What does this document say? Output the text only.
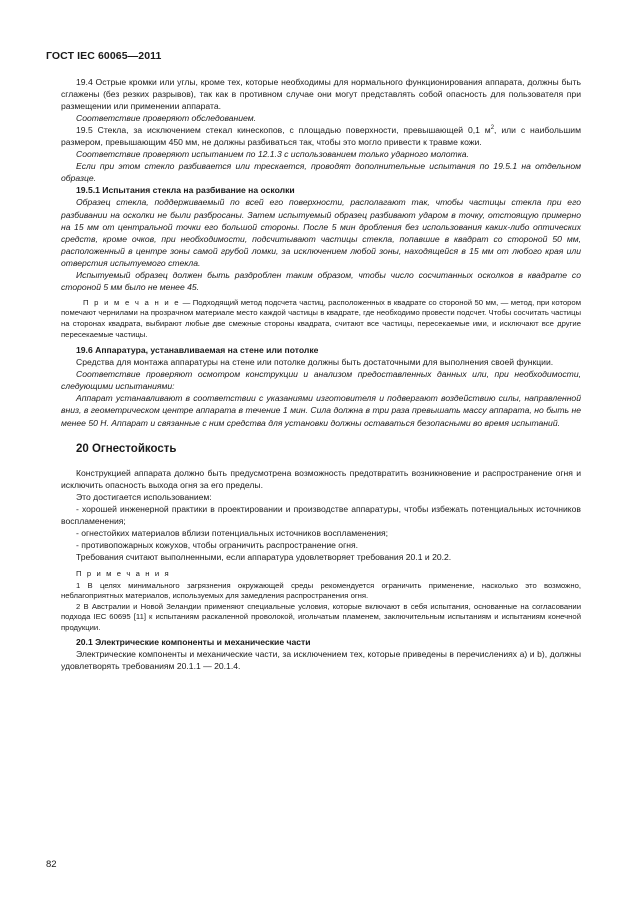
ГОСТ IEC 60065—2011

19.4 Острые кромки или углы, кроме тех, которые необходимы для нормального функционирования аппарата, должны быть сглажены (без резких разрывов), так как в противном случае они могут представлять собой опасность для пользователя при размещении или применении аппарата.

Соответствие проверяют обследованием.

19.5 Стекла, за исключением стекал кинескопов, с площадью поверхности, превышающей 0,1 $м^2$, или с наибольшим размером, превышающим 450 мм, не должны разбиваться так, чтобы это могло привести к травме кожи.

Соответствие проверяют испытанием по 12.1.3 с использованием только ударного молотка.

Если при этом стекло разбивается или трескается, проводят дополнительные испытания по 19.5.1 на отдельном образце.

19.5.1 Испытания стекла на разбивание на осколки

Образец стекла, поддерживаемый по всей его поверхности, располагают так, чтобы частицы стекла при его разбивании на осколки не были разбросаны. Затем испытуемый образец разбивают ударом в точку, отстоящую примерно на 15 мм от центральной точки его большой стороны. После 5 мин дробления без использования каких-либо оптических средств, кроме очков, при необходимости, подсчитывают частицы стекла, попавшие в квадрат со стороной 50 мм, расположенный в центре зоны самой грубой ломки, за исключением любой зоны, находящейся в 15 мм от любого края или отверстия испытуемого стекла.

Испытуемый образец должен быть раздроблен таким образом, чтобы число сосчитанных осколков в квадрате со стороной 5 мм было не менее 45.

П р и м е ч а н и е — Подходящий метод подсчета частиц, расположенных в квадрате со стороной 50 мм, — метод, при котором помечают чернилами на прозрачном материале место каждой частицы в квадрате, где необходимо провести подсчет. Чтобы сосчитать частицы на сторонах квадрата, выбирают любые две смежные стороны квадрата, считают все частицы, пересекаемые ими, и исключают все другие пересекаемые частицы.

19.6 Аппаратура, устанавливаемая на стене или потолке

Средства для монтажа аппаратуры на стене или потолке должны быть достаточными для выполнения своей функции.

Соответствие проверяют осмотром конструкции и анализом предоставленных данных или, при необходимости, следующими испытаниями:

Аппарат устанавливают в соответствии с указаниями изготовителя и подвергают воздействию силы, направленной вниз, в геометрическом центре аппарата в течение 1 мин. Сила должна в три раза превышать массу аппарата, но быть не менее 50 Н. Аппарат и связанные с ним средства для установки должны оставаться безопасными во время испытаний.

20 Огнестойкость

Конструкцией аппарата должно быть предусмотрена возможность предотвратить возникновение и распространение огня и исключить опасность выхода огня за его пределы.

Это достигается использованием:

- хорошей инженерной практики в проектировании и производстве аппаратуры, чтобы избежать потенциальных источников воспламенения;

- огнестойких материалов вблизи потенциальных источников воспламенения;

- противопожарных кожухов, чтобы ограничить распространение огня.

Требования считают выполненными, если аппаратура удовлетворяет требования 20.1 и 20.2.

П р и м е ч а н и я

1 В целях минимального загрязнения окружающей среды рекомендуется ограничить применение, насколько это возможно, неблагоприятных материалов, используемых для замедления распространения огня.

2 В Австралии и Новой Зеландии применяют специальные условия, которые включают в себя испытания, основанные на согласовании подхода IEC 60695 [11] к испытаниям раскаленной проволокой, игольчатым пламенем, заключительным испытаниям и испытаниям конечной продукции.

20.1 Электрические компоненты и механические части

Электрические компоненты и механические части, за исключением тех, которые приведены в перечислениях a) и b), должны удовлетворять требованиям 20.1.1 — 20.1.4.

82
